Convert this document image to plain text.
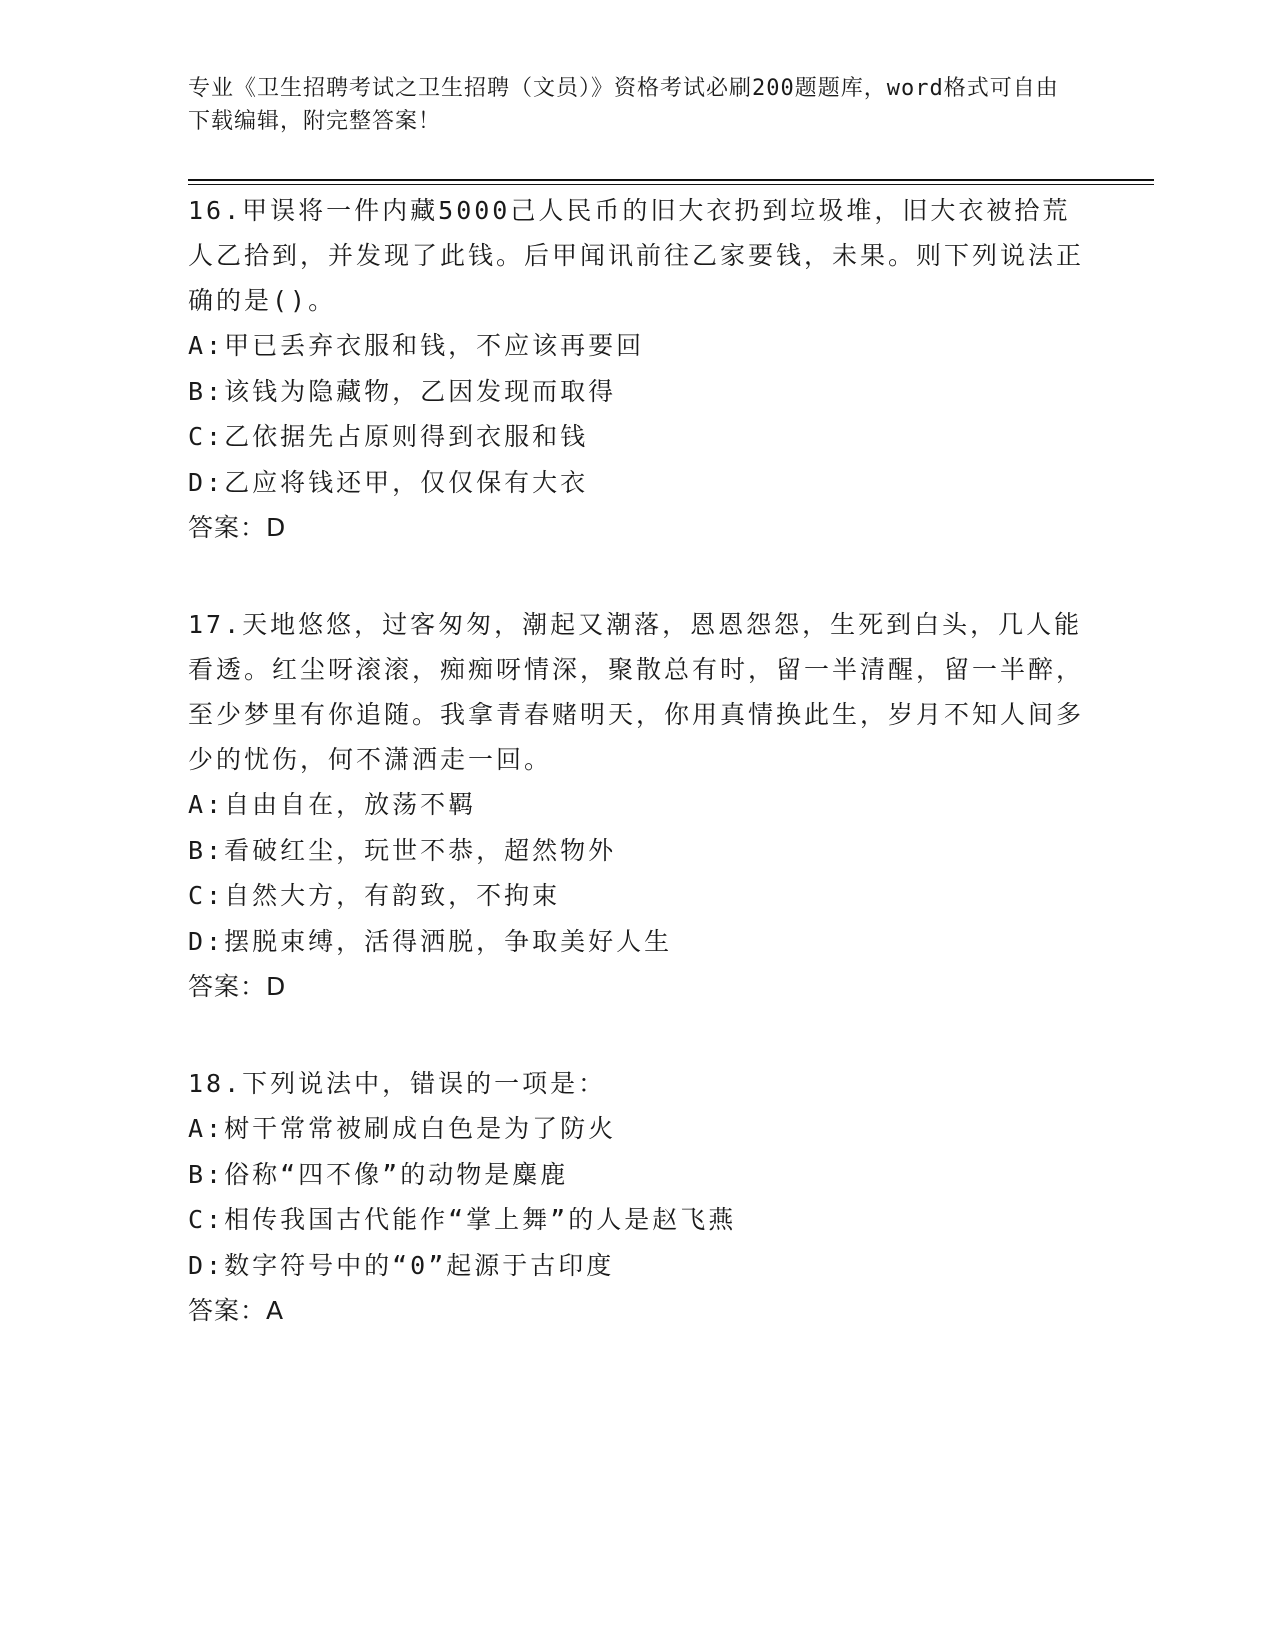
专业《卫生招聘考试之卫生招聘（文员）》资格考试必刷200题题库，word格式可自由下载编辑，附完整答案！

16.甲误将一件内藏5000己人民币的旧大衣扔到垃圾堆，旧大衣被拾荒人乙拾到，并发现了此钱。后甲闻讯前往乙家要钱，未果。则下列说法正确的是()。

A:甲已丢弃衣服和钱，不应该再要回

B:该钱为隐藏物，乙因发现而取得

C:乙依据先占原则得到衣服和钱

D:乙应将钱还甲，仅仅保有大衣

答案：D

17.天地悠悠，过客匆匆，潮起又潮落，恩恩怨怨，生死到白头，几人能看透。红尘呀滚滚，痴痴呀情深，聚散总有时，留一半清醒，留一半醉，至少梦里有你追随。我拿青春赌明天，你用真情换此生，岁月不知人间多少的忧伤，何不潇洒走一回。

A:自由自在，放荡不羁

B:看破红尘，玩世不恭，超然物外

C:自然大方，有韵致，不拘束

D:摆脱束缚，活得洒脱，争取美好人生

答案：D

18.下列说法中，错误的一项是：

A:树干常常被刷成白色是为了防火

B:俗称“四不像”的动物是麋鹿

C:相传我国古代能作“掌上舞”的人是赵飞燕

D:数字符号中的“0”起源于古印度

答案：A
